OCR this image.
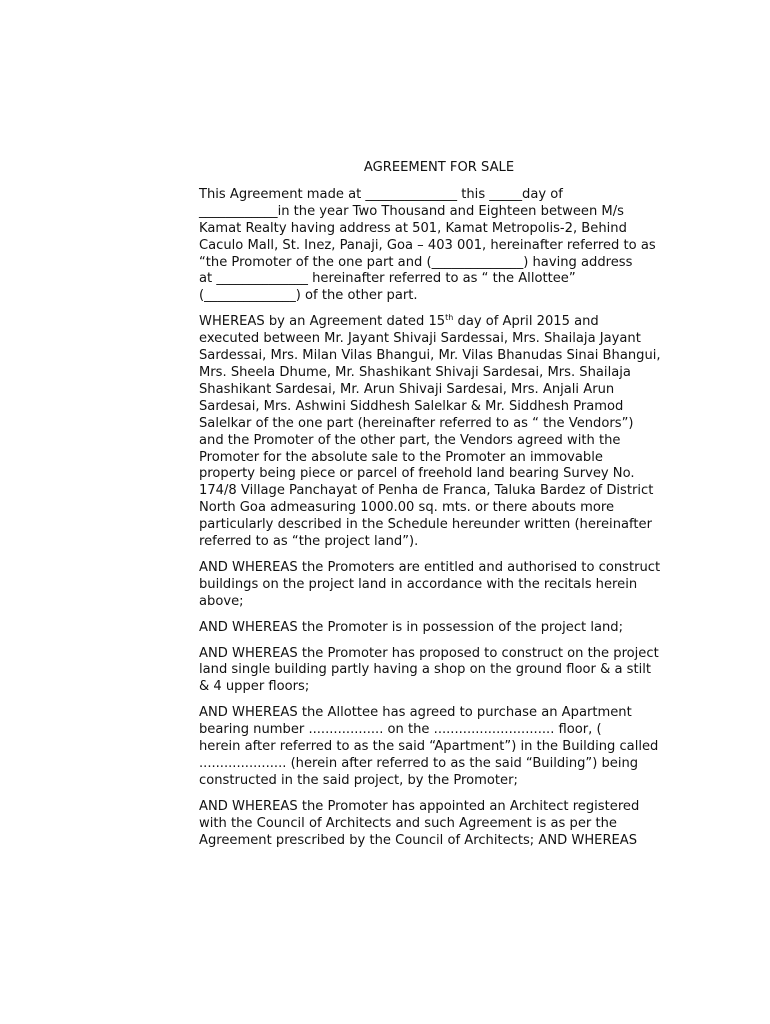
AGREEMENT FOR SALE
This Agreement made at ______________ this _____day of
____________in the year Two Thousand and Eighteen between M/s
Kamat Realty having address at 501, Kamat Metropolis-2, Behind
Caculo Mall, St. Inez, Panaji, Goa – 403 001, hereinafter referred to as
“the Promoter of the one part and (______________) having address
at ______________ hereinafter referred to as “ the Allottee”
(______________) of the other part.
WHEREAS by an Agreement dated 15th day of April 2015 and
executed between Mr. Jayant Shivaji Sardessai, Mrs. Shailaja Jayant
Sardessai, Mrs. Milan Vilas Bhangui, Mr. Vilas Bhanudas Sinai Bhangui,
Mrs. Sheela Dhume, Mr. Shashikant Shivaji Sardesai, Mrs. Shailaja
Shashikant Sardesai, Mr. Arun Shivaji Sardesai, Mrs. Anjali Arun
Sardesai, Mrs. Ashwini Siddhesh Salelkar & Mr. Siddhesh Pramod
Salelkar of the one part (hereinafter referred to as “ the Vendors”)
and the Promoter of the other part, the Vendors agreed with the
Promoter for the absolute sale to the Promoter an immovable
property being piece or parcel of freehold land bearing Survey No.
174/8 Village Panchayat of Penha de Franca, Taluka Bardez of District
North Goa admeasuring 1000.00 sq. mts. or there abouts more
particularly described in the Schedule hereunder written (hereinafter
referred to as “the project land”).
AND WHEREAS the Promoters are entitled and authorised to construct
buildings on the project land in accordance with the recitals herein
above;
AND WHEREAS the Promoter is in possession of the project land;
AND WHEREAS the Promoter has proposed to construct on the project
land single building partly having a shop on the ground floor & a stilt
& 4 upper floors;
AND WHEREAS the Allottee has agreed to purchase an Apartment
bearing number .................. on the ............................. floor, (
herein after referred to as the said “Apartment”) in the Building called
..................... (herein after referred to as the said “Building”) being
constructed in the said project, by the Promoter;
AND WHEREAS the Promoter has appointed an Architect registered
with the Council of Architects and such Agreement is as per the
Agreement prescribed by the Council of Architects; AND WHEREAS
